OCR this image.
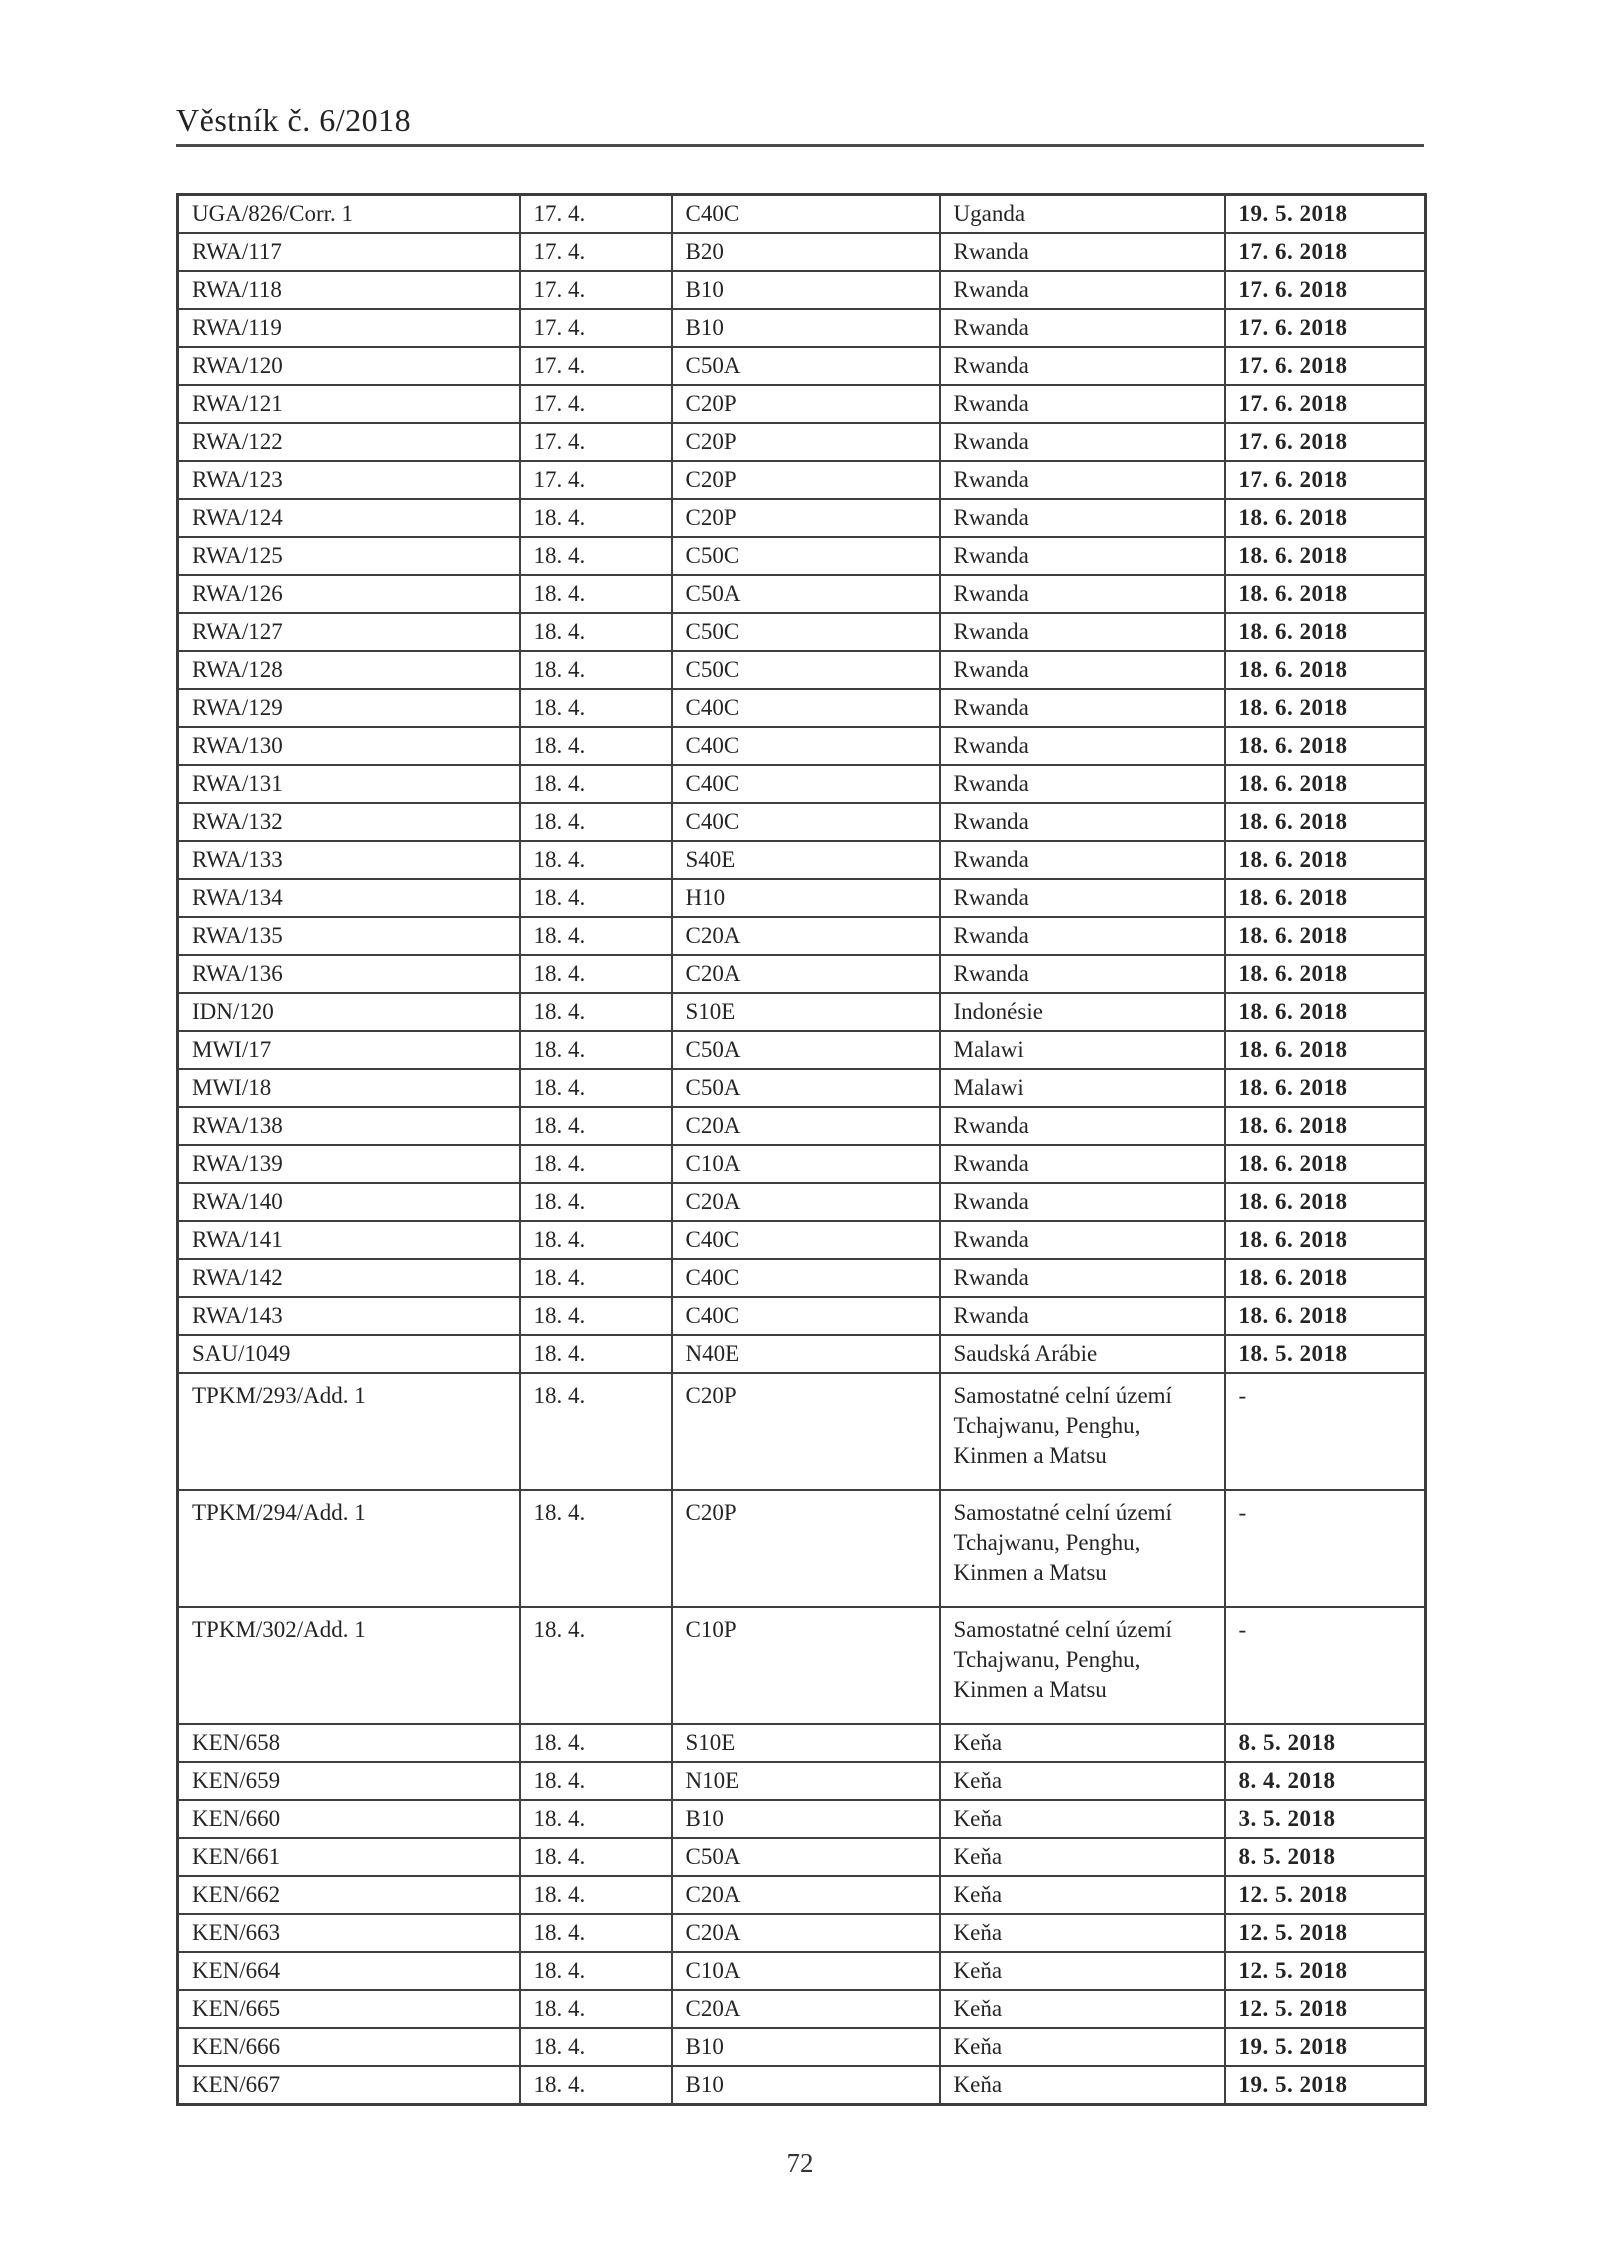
Věstník č. 6/2018
UGA/826/Corr. 1	17. 4.	C40C	Uganda	19. 5. 2018
RWA/117	17. 4.	B20	Rwanda	17. 6. 2018
RWA/118	17. 4.	B10	Rwanda	17. 6. 2018
RWA/119	17. 4.	B10	Rwanda	17. 6. 2018
RWA/120	17. 4.	C50A	Rwanda	17. 6. 2018
RWA/121	17. 4.	C20P	Rwanda	17. 6. 2018
RWA/122	17. 4.	C20P	Rwanda	17. 6. 2018
RWA/123	17. 4.	C20P	Rwanda	17. 6. 2018
RWA/124	18. 4.	C20P	Rwanda	18. 6. 2018
RWA/125	18. 4.	C50C	Rwanda	18. 6. 2018
RWA/126	18. 4.	C50A	Rwanda	18. 6. 2018
RWA/127	18. 4.	C50C	Rwanda	18. 6. 2018
RWA/128	18. 4.	C50C	Rwanda	18. 6. 2018
RWA/129	18. 4.	C40C	Rwanda	18. 6. 2018
RWA/130	18. 4.	C40C	Rwanda	18. 6. 2018
RWA/131	18. 4.	C40C	Rwanda	18. 6. 2018
RWA/132	18. 4.	C40C	Rwanda	18. 6. 2018
RWA/133	18. 4.	S40E	Rwanda	18. 6. 2018
RWA/134	18. 4.	H10	Rwanda	18. 6. 2018
RWA/135	18. 4.	C20A	Rwanda	18. 6. 2018
RWA/136	18. 4.	C20A	Rwanda	18. 6. 2018
IDN/120	18. 4.	S10E	Indonésie	18. 6. 2018
MWI/17	18. 4.	C50A	Malawi	18. 6. 2018
MWI/18	18. 4.	C50A	Malawi	18. 6. 2018
RWA/138	18. 4.	C20A	Rwanda	18. 6. 2018
RWA/139	18. 4.	C10A	Rwanda	18. 6. 2018
RWA/140	18. 4.	C20A	Rwanda	18. 6. 2018
RWA/141	18. 4.	C40C	Rwanda	18. 6. 2018
RWA/142	18. 4.	C40C	Rwanda	18. 6. 2018
RWA/143	18. 4.	C40C	Rwanda	18. 6. 2018
SAU/1049	18. 4.	N40E	Saudská Arábie	18. 5. 2018
TPKM/293/Add. 1	18. 4.	C20P	Samostatné celní území Tchajwanu, Penghu, Kinmen a Matsu	-
TPKM/294/Add. 1	18. 4.	C20P	Samostatné celní území Tchajwanu, Penghu, Kinmen a Matsu	-
TPKM/302/Add. 1	18. 4.	C10P	Samostatné celní území Tchajwanu, Penghu, Kinmen a Matsu	-
KEN/658	18. 4.	S10E	Keňa	8. 5. 2018
KEN/659	18. 4.	N10E	Keňa	8. 4. 2018
KEN/660	18. 4.	B10	Keňa	3. 5. 2018
KEN/661	18. 4.	C50A	Keňa	8. 5. 2018
KEN/662	18. 4.	C20A	Keňa	12. 5. 2018
KEN/663	18. 4.	C20A	Keňa	12. 5. 2018
KEN/664	18. 4.	C10A	Keňa	12. 5. 2018
KEN/665	18. 4.	C20A	Keňa	12. 5. 2018
KEN/666	18. 4.	B10	Keňa	19. 5. 2018
KEN/667	18. 4.	B10	Keňa	19. 5. 2018
72
